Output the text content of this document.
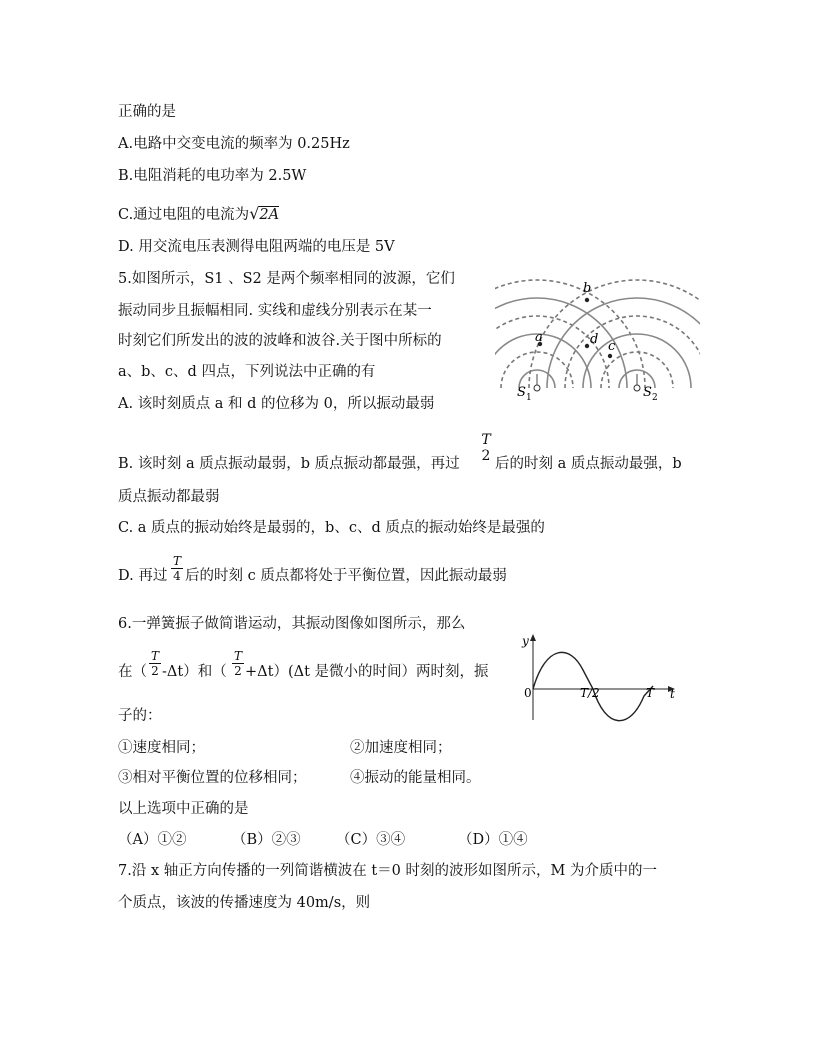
正确的是
A.电路中交变电流的频率为 0.25Hz
B.电阻消耗的电功率为 2.5W
C.通过电阻的电流为√2A
D. 用交流电压表测得电阻两端的电压是 5V
5.如图所示，S1 、S2 是两个频率相同的波源，它们
振动同步且振幅相同. 实线和虚线分别表示在某一
时刻它们所发出的波的波峰和波谷.关于图中所标的
a、b、c、d 四点，下列说法中正确的有
A. 该时刻质点 a 和 d 的位移为 0，所以振动最弱
B. 该时刻 a 质点振动最弱，b 质点振动都最强，再过
T
2 后的时刻 a 质点振动最强，b
质点振动都最弱
C. a 质点的振动始终是最弱的，b、c、d 质点的振动始终是最强的
D. 再过
T
4 后的时刻 c 质点都将处于平衡位置，因此振动最弱
a
b
c
d
S 1	S 2
6.一弹簧振子做简谐运动，其振动图像如图所示，那么
在（
T
2 -Δt）和（
T
2 +Δt）(Δt 是微小的时间）两时刻，振
子的：
y
t
0	T/2	T
①速度相同；	②加速度相同；
③相对平衡位置的位移相同；	④振动的能量相同。
以上选项中正确的是
（A）①②	（B）②③ （C）③④	（D）①④
7.沿 x 轴正方向传播的一列简谐横波在 t＝0 时刻的波形如图所示，M 为介质中的一
个质点，该波的传播速度为 40m/s，则
